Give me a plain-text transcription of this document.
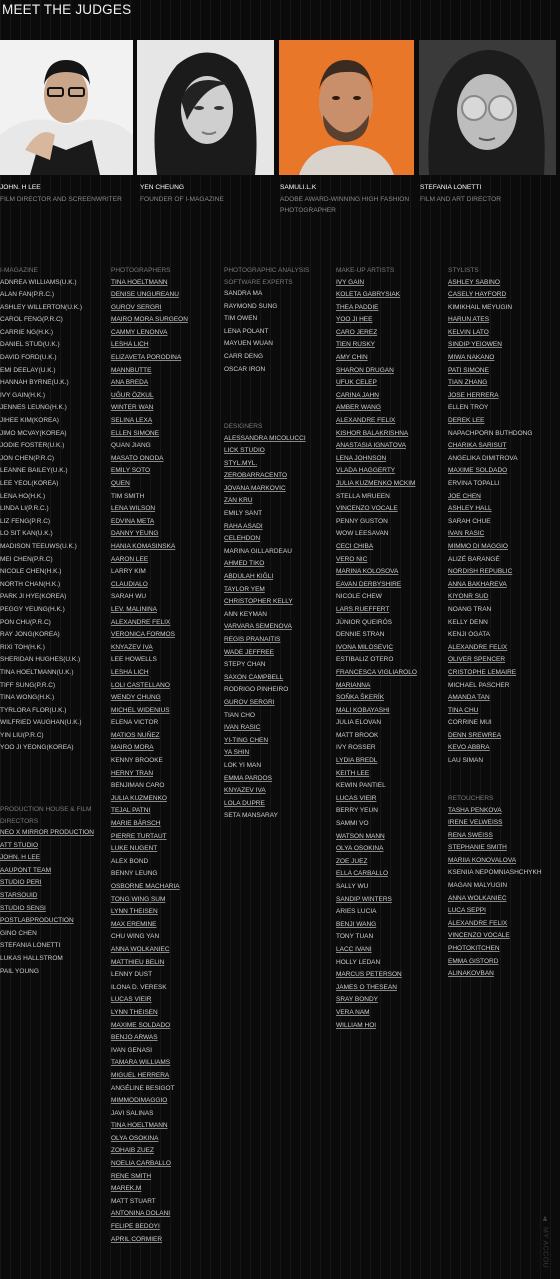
MEET THE JUDGES
JOHN. H LEE
FILM DIRECTOR AND SCREENWRITER
YEN CHEUNG
FOUNDER OF I-MAGAZINE
SAMULI.L.K
ADOBE AWARD-WINNING HIGH FASHION PHOTOGRAPHER
STEFANIA LONETTI
FILM AND ART DIRECTOR
I-MAGAZINE
ADNREA WILLIAMS(U.K.)
ALAN FAN(P.R.C.)
ASHLEY WILLERTON(U.K.)
CAROL FENG(P.R.C)
CARRIE NG(H.K.)
DANIEL STUD(U.K.)
DAVID FORD(U.K.)
EMI DEELAY(U.K.)
HANNAH BYRNE(U.K.)
IVY GAIN(H.K.)
JENNES LEUNG(H.K.)
JIHEE KIM(KOREA)
JIMO MCVAY(KOREA)
JODIE FOSTER(U.K.)
JON CHEN(P.R.C)
LEANNE BAILEY(U.K.)
LEE YEOL(KOREA)
LENA HO(H.K.)
LINDA LI(P.R.C.)
LIZ FENG(P.R.C)
LO SIT KAN(U.K.)
MADISON TEEUWS(U.K.)
MEI CHEN(P.R.C)
NICOLE CHEN(H.K.)
NORTH CHAN(H.K.)
PARK JI HYE(KOREA)
PEGGY YEUNG(H.K.)
PON CHU(P.R.C)
RAY JONG(KOREA)
RIXI TOH(H.K.)
SHERIDAN HUGHES(U.K.)
TINA HOELTMANN(U.K.)
TIFF SUNG(P.R.C)
TINA WONG(H.K.)
TYRLORA FLOR(U.K.)
WILFRIED VAUGHAN(U.K.)
YIN LIU(P.R.C)
YOO JI YEONG(KOREA)
PRODUCTION HOUSE & FILM
DIRECTORS
NEO X MIRROR PRODUCTION
ATT STUDIO
JOHN. H LEE
AAUPONT TEAM
STUDIO PERI
STARSOUID
STUDIO SENSI
POSTLABPRODUCTION
GINO CHEN
STEFANIA LONETTI
LUKAS HALLSTROM
PAIL YOUNG
PHOTOGRAPHERS
TINA HOELTMANN
DENISE UNGUREANU
GUROV SERGRI
MAIRO MORA SURGEON
CAMMY LENONVA
LESHA LICH
ELIZAVETA PORODINA
MANNBUTTE
ANA BREDA
UĞUR ÖZKUL
WINTER WAN
SELINA LEXA
ELLEN SIMONE
QUAN JIANG
MASATO ONODA
EMILY SOTO
QUEN
TIM SMITH
LENA WILSON
EDVINA META
DANNY YEUNG
HANIA KOMASINSKA
AARON LEE
LARRY KIM
CLAUDIALO
SARAH WU
LEV. MALININA
ALEXANDRE FELIX
VERONICA FORMOS
KNYAZEV IVA
LEE HOWELLS
LESHA LICH
LOLI CASTELLANO
WENDY CHUNG
MICHEL WIDENIUS
ELENA VICTOR
MATIOS NUÑEZ
MAIRO MORA
KENNY BROOKE
HERNY TRAN
BENJIMAN CARO
JULIA KUZMENKO
TEJAL PATNI
MARIE BÄRSCH
PIERRE TURTAUT
LUKE NUGENT
ALEX BOND
BENNY LEUNG
OSBORNE MACHARIA
TONG WING SUM
LYNN THEISEN
MAX EREMINE
CHU WING YAN
ANNA WOLKANIEC
MATTHIEU BELIN
LENNY DUST
ILONA D. VERESK
LUCAS VIEIR
LYNN THEISEN
MAXIME SOLDADO
BENJO ARWAS
IVAN GENASI
TAMARA WILLIAMS
MIGUEL HERRERA
ANGÉLINE BESIGOT
MIMMODIMAGGIO
JAVI SALINAS
TINA HOELTMANN
OLYA OSOKINA
ZOHAIB ZUEZ
NOELIA CARBALLO
RENE SMITH
MAREK.M
MATT STUART
ANTONINA DOLANI
FELIPE BEDOYI
APRIL CORMIER
PHOTOGRAPHIC ANALYSIS
SOFTWARE EXPERTS
SANDRA MA
RAYMOND SUNG
TIM OWEN
LENA POLANT
MAYUEN WUAN
CARR DENG
OSCAR IRON
DESIGNERS
ALESSANDRA MICOLUCCI
LICK STUDIO
STYL.MYL.
ZEROBARRACENTO
JOVANA MARKOVIC
ZAN KRU
EMILY SANT
RAHA ASADI
CELEHDON
MARINA GILLARDEAU
AHMED TIKO
ABDULAH KIĞLI
TAYLOR YEM
CHRISTOPHER KELLY
ANN KEYMAN
VARVARA SEMENOVA
REGIS PRANAITIS
WADE JEFFREE
STEPY CHAN
SAXON CAMPBELL
RODRIGO PINHEIRO
GUROV SERGRI
TIAN CHO
IVAN RASIC
YI-TING CHEN
YA SHIN
LOK YI MAN
EMMA PARDOS
KNYAZEV IVA
LOLA DUPRE
SETA MANSARAY
MAKE-UP ARTISTS
IVY GAIN
KOLETA GABRYSIAK
THEA PADDIE
YOO JI HEE
CARO JEREZ
TIEN RUSKY
AMY CHIN
SHARON DRUGAN
UFUK CELEP
CARINA JAHN
AMBER WANG
ALEXANDRE FELIX
KISHOR BALAKRISHNA
ANASTASIA IGNATOVA
LENA JOHNSON
VLADA HAGGERTY
JULIA KUZMENKO MCKIM
STELLA MRUEEN
VINCENZO VOCALE
PENNY GUSTON
WOW LEESAVAN
CECI CHIBA
VERO NIC
MARINA KOLOSOVA
EAVAN DERBYSHIRE
NICOLE CHEW
LARS RUEFFERT
JÚNIOR QUEIRÓS
DENNIE STRAN
IVONA MILOSEVIC
ESTIBALIZ OTERO
FRANCESCA VIGLIAROLO
MARIANNA
SOŇKA ŠKERÍK
MALI KOBAYASHI
JULIA ELOVAN
MATT BROOK
IVY ROSSER
LYDIA BREDL
KEITH LEE
KEWIN PANTIEL
LUCAS VIEIR
BERRY YEUN
SAMMI VO
WATSON MANN
OLYA OSOKINA
ZOE JUEZ
ELLA CARBALLO
SALLY WU
SANDIP WINTERS
ARIES LUCIA
BENJI WANG
TONY TUAN
LACC IVANI
HOLLY LEDAN
MARCUS PETERSON
JAMES O THESEAN
SRAY BONDY
VERA NAM
WILLIAM HOI
STYLISTS
ASHLEY SABINO
CASELY HAYFORD
KIMIKHAIL MEYUGIN
HARUN ATES
KELVIN LATO
SINDIP YEIOWEN
MIWA NAKANO
PATI SIMONE
TIAN ZHANG
JOSE HERRERA
ELLEN TROY
DEREK LEE
NAPACHPORN BUTHDONG
CHARIKA SARISUT
ANGELIKA DIMITROVA
MAXIME SOLDADO
ERVINA TOPALLI
JOE CHEN
ASHLEY HALL
SARAH CHUE
IVAN RASIC
MIMMO DI MAGGIO
ALIZÉ BARANGÉ
NORDISH REPUBLIC
ANNA BAKHAREVA
KIYONR SUD
NOANG TRAN
KELLY DENN
KENJI OGATA
ALEXANDRE FELIX
OLIVER SPENCER
CRISTOPHE LEMAIRE
MICHAEL PASCHER
AMANDA TAN
TINA CHU
CORRINE MUI
DENN SREWREA
KEVO ABBRA
LAU SIMAN
RETOUCHERS
TASHA PENKOVA
IRENE VELWEISS
RENA SWEISS
STEPHANIE SMITH
MARIIA KONOVALOVA
KSENIIA NEPOMNIASHCHYKH
MAGAN MALYUGIN
ANNA WOLKANIEC
LUCA SEPPI
ALEXANDRE FELIX
VINCENZO VOCALE
PHOTOKITCHEN
EMMA GISTORD
ALINAKOVBAN
♟
MY ACCOU
